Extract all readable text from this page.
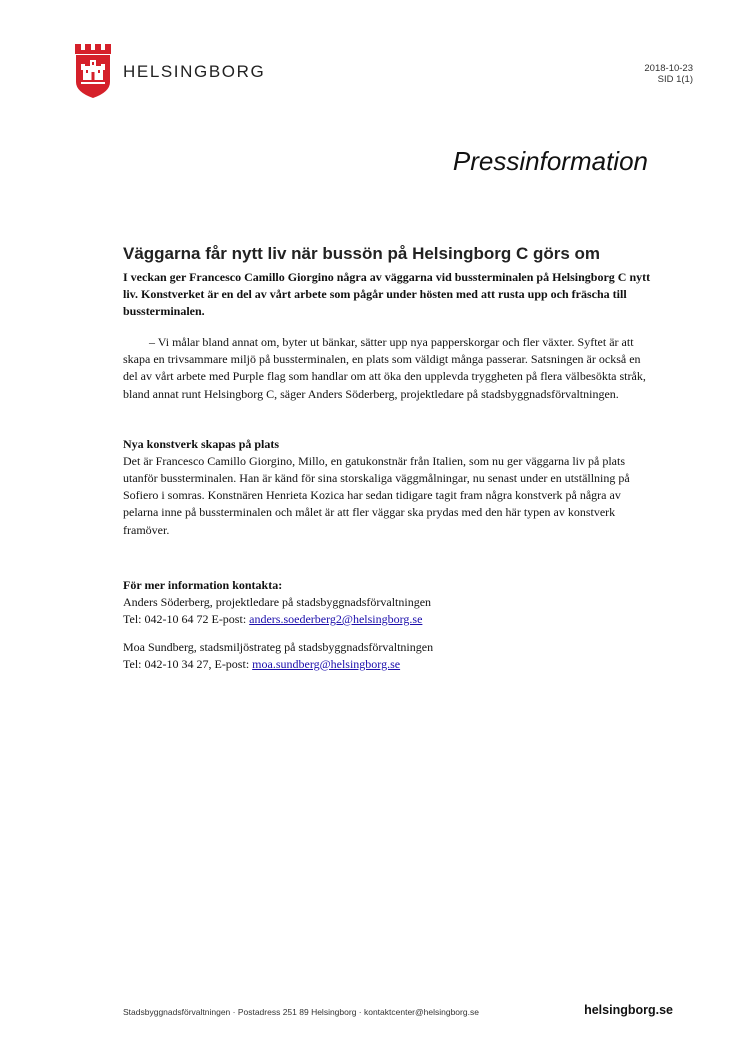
HELSINGBORG	2018-10-23
SID 1(1)
Pressinformation
Väggarna får nytt liv när bussön på Helsingborg C görs om

I veckan ger Francesco Camillo Giorgino några av väggarna vid bussterminalen på Helsingborg C nytt liv. Konstverket är en del av vårt arbete som pågår under hösten med att rusta upp och fräscha till bussterminalen.

– Vi målar bland annat om, byter ut bänkar, sätter upp nya papperskorgar och fler växter. Syftet är att skapa en trivsammare miljö på bussterminalen, en plats som väldigt många passerar. Satsningen är också en del av vårt arbete med Purple flag som handlar om att öka den upplevda tryggheten på flera välbesökta stråk, bland annat runt Helsingborg C, säger Anders Söderberg, projektledare på stadsbyggnadsförvaltningen.

Nya konstverk skapas på plats

Det är Francesco Camillo Giorgino, Millo, en gatukonstnär från Italien, som nu ger väggarna liv på plats utanför bussterminalen. Han är känd för sina storskaliga väggmålningar, nu senast under en utställning på Sofiero i somras. Konstnären Henrieta Kozica har sedan tidigare tagit fram några konstverk på några av pelarna inne på bussterminalen och målet är att fler väggar ska prydas med den här typen av konstverk framöver.

För mer information kontakta:

Anders Söderberg, projektledare på stadsbyggnadsförvaltningen

Tel: 042-10 64 72 E-post: anders.soederberg2@helsingborg.se

Moa Sundberg, stadsmiljöstrateg på stadsbyggnadsförvaltningen

Tel: 042-10 34 27, E-post: moa.sundberg@helsingborg.se

Stadsbyggnadsförvaltningen · Postadress 251 89 Helsingborg · kontaktcenter@helsingborg.se	helsingborg.se
